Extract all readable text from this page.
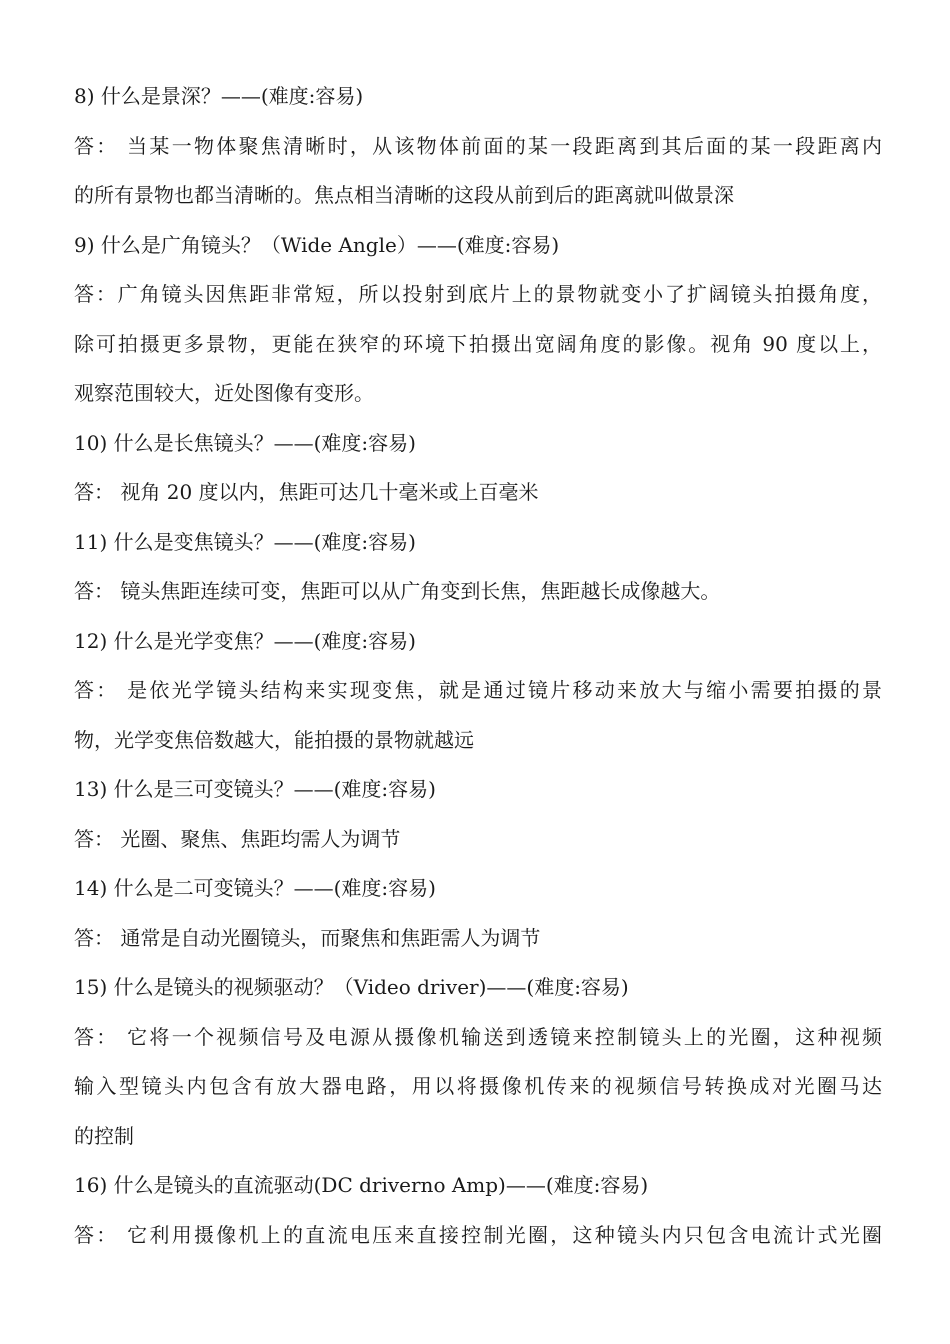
8) 什么是景深？——(难度:容易)
答： 当某一物体聚焦清晰时，从该物体前面的某一段距离到其后面的某一段距离内
的所有景物也都当清晰的。焦点相当清晰的这段从前到后的距离就叫做景深
9) 什么是广角镜头？（Wide Angle）——(难度:容易)
答：广角镜头因焦距非常短，所以投射到底片上的景物就变小了扩阔镜头拍摄角度，
除可拍摄更多景物，更能在狭窄的环境下拍摄出宽阔角度的影像。视角 90 度以上，
观察范围较大，近处图像有变形。
10) 什么是长焦镜头？——(难度:容易)
答： 视角 20 度以内，焦距可达几十毫米或上百毫米
11) 什么是变焦镜头？——(难度:容易)
答： 镜头焦距连续可变，焦距可以从广角变到长焦，焦距越长成像越大。
12) 什么是光学变焦？——(难度:容易)
答： 是依光学镜头结构来实现变焦，就是通过镜片移动来放大与缩小需要拍摄的景
物，光学变焦倍数越大，能拍摄的景物就越远
13) 什么是三可变镜头？——(难度:容易)
答： 光圈、聚焦、焦距均需人为调节
14) 什么是二可变镜头？——(难度:容易)
答： 通常是自动光圈镜头，而聚焦和焦距需人为调节
15) 什么是镜头的视频驱动？（Video driver)——(难度:容易)
答： 它将一个视频信号及电源从摄像机输送到透镜来控制镜头上的光圈，这种视频
输入型镜头内包含有放大器电路，用以将摄像机传来的视频信号转换成对光圈马达
的控制
16) 什么是镜头的直流驱动(DC driverno Amp)——(难度:容易)
答： 它利用摄像机上的直流电压来直接控制光圈，这种镜头内只包含电流计式光圈
